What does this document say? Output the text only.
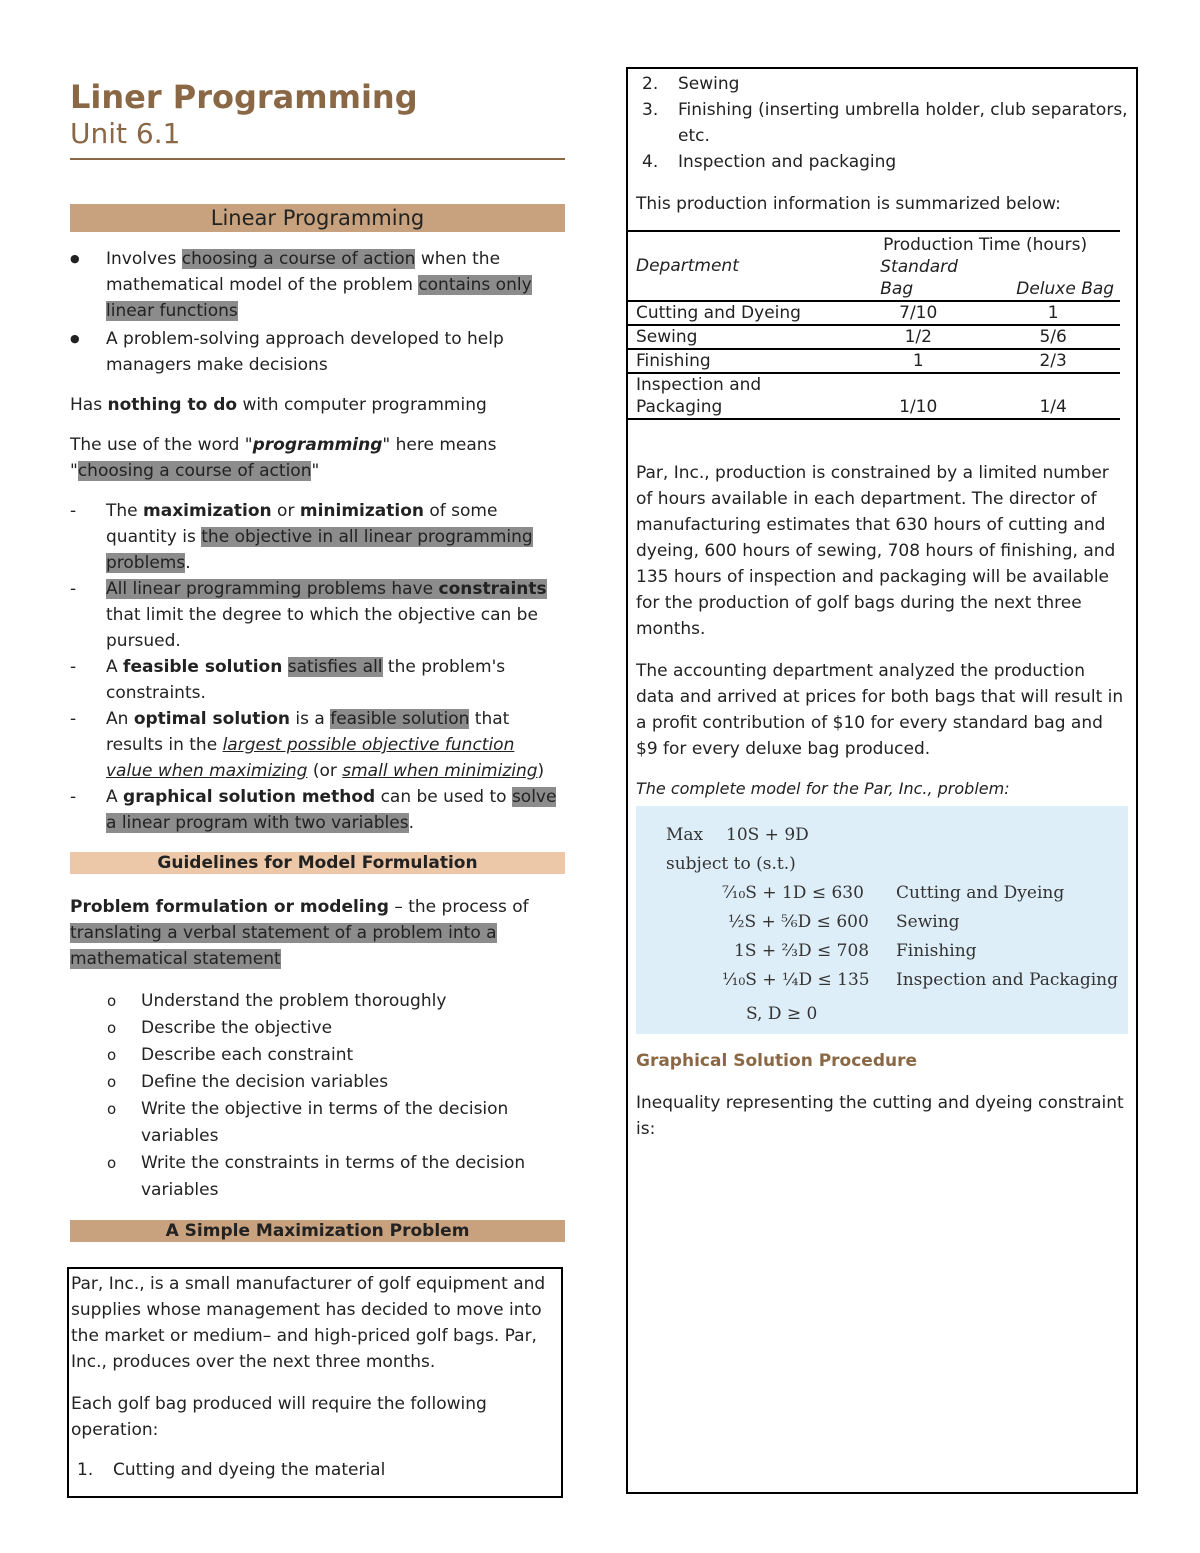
Liner Programming
Unit 6.1
Linear Programming
● Involves choosing a course of action when the mathematical model of the problem contains only linear functions
● A problem-solving approach developed to help managers make decisions

Has nothing to do with computer programming

The use of the word "programming" here means "choosing a course of action"

- The maximization or minimization of some quantity is the objective in all linear programming problems.
- All linear programming problems have constraints that limit the degree to which the objective can be pursued.
- A feasible solution satisfies all the problem's constraints.
- An optimal solution is a feasible solution that results in the largest possible objective function value when maximizing (or small when minimizing)
- A graphical solution method can be used to solve a linear program with two variables.
Guidelines for Model Formulation

Problem formulation or modeling – the process of translating a verbal statement of a problem into a mathematical statement

o Understand the problem thoroughly
o Describe the objective
o Describe each constraint
o Define the decision variables
o Write the objective in terms of the decision variables
o Write the constraints in terms of the decision variables
A Simple Maximization Problem

Par, Inc., is a small manufacturer of golf equipment and supplies whose management has decided to move into the market or medium– and high-priced golf bags. Par, Inc., produces over the next three months.

Each golf bag produced will require the following operation:

1. Cutting and dyeing the material
2. Sewing
3. Finishing (inserting umbrella holder, club separators, etc.
4. Inspection and packaging

This production information is summarized below:

Department	Production Time (hours)	
	Standard Bag	Deluxe Bag
Cutting and Dyeing	7/10	1
Sewing	1/2	5/6
Finishing	1	2/3
Inspection and Packaging	1/10	1/4

Par, Inc., production is constrained by a limited number of hours available in each department. The director of manufacturing estimates that 630 hours of cutting and dyeing, 600 hours of sewing, 708 hours of finishing, and 135 hours of inspection and packaging will be available for the production of golf bags during the next three months.

The accounting department analyzed the production data and arrived at prices for both bags that will result in a profit contribution of $10 for every standard bag and $9 for every deluxe bag produced.

The complete model for the Par, Inc., problem:

Max 10S + 9D
subject to (s.t.)
⁷⁄₁₀S + 1D ≤ 630 Cutting and Dyeing
½S + ⅚D ≤ 600 Sewing
1S + ⅔D ≤ 708 Finishing
⅒S + ¼D ≤ 135 Inspection and Packaging
S, D ≥ 0

Graphical Solution Procedure

Inequality representing the cutting and dyeing constraint is:
